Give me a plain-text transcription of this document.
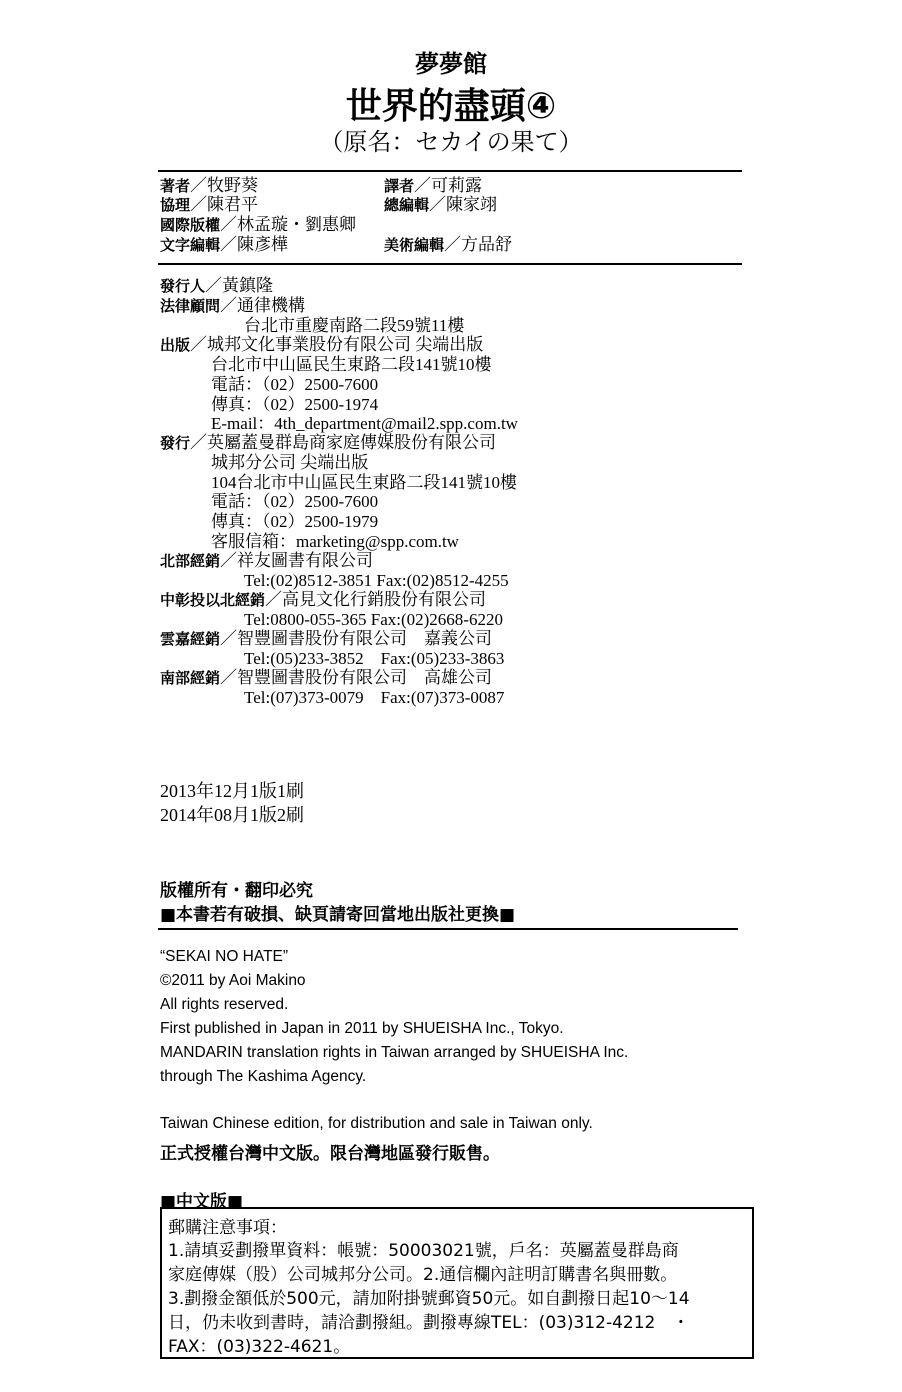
夢夢館
世界的盡頭④
（原名：セカイの果て）
著者／牧野葵
協理／陳君平
國際版權／林孟璇・劉惠卿
文字編輯／陳彥樺
譯者／可莉露
總編輯／陳家翊
美術編輯／方品舒
發行人／黃鎮隆
法律顧問／通律機構
台北市重慶南路二段59號11樓
出版／城邦文化事業股份有限公司 尖端出版
台北市中山區民生東路二段141號10樓
電話：（02）2500-7600
傳真：（02）2500-1974
E-mail：4th_department@mail2.spp.com.tw
發行／英屬蓋曼群島商家庭傳媒股份有限公司
城邦分公司 尖端出版
104台北市中山區民生東路二段141號10樓
電話：（02）2500-7600
傳真：（02）2500-1979
客服信箱：marketing@spp.com.tw
北部經銷／祥友圖書有限公司
Tel:(02)8512-3851 Fax:(02)8512-4255
中彰投以北經銷／高見文化行銷股份有限公司
Tel:0800-055-365 Fax:(02)2668-6220
雲嘉經銷／智豐圖書股份有限公司　嘉義公司
Tel:(05)233-3852　Fax:(05)233-3863
南部經銷／智豐圖書股份有限公司　高雄公司
Tel:(07)373-0079　Fax:(07)373-0087
2013年12月1版1刷
2014年08月1版2刷
版權所有・翻印必究
■本書若有破損、缺頁請寄回當地出版社更換■
“SEKAI NO HATE”
©2011 by Aoi Makino
All rights reserved.
First published in Japan in 2011 by SHUEISHA Inc., Tokyo.
MANDARIN translation rights in Taiwan arranged by SHUEISHA Inc.
through The Kashima Agency.
Taiwan Chinese edition, for distribution and sale in Taiwan only.
正式授權台灣中文版。限台灣地區發行販售。
■中文版■
郵購注意事項：
1.請填妥劃撥單資料：帳號：50003021號，戶名：英屬蓋曼群島商
家庭傳媒（股）公司城邦分公司。2.通信欄內註明訂購書名與冊數。
3.劃撥金額低於500元，請加附掛號郵資50元。如自劃撥日起10～14
日，仍未收到書時，請洽劃撥組。劃撥專線TEL：(03)312-4212　・
FAX：(03)322-4621。
